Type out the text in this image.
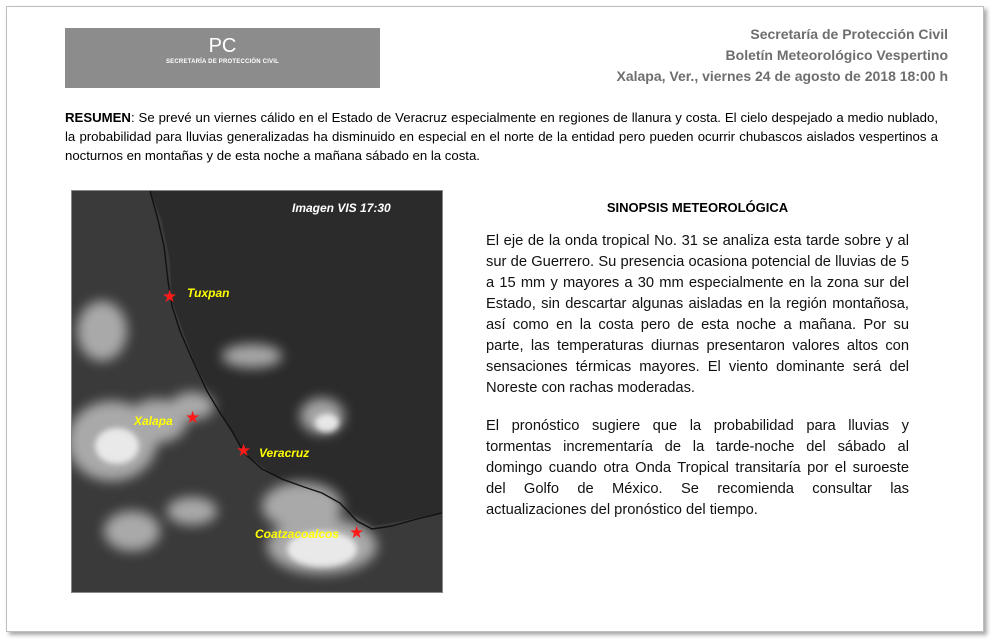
PC
SECRETARÍA DE PROTECCIÓN CIVIL
Secretaría de Protección Civil
Boletín Meteorológico Vespertino
Xalapa, Ver., viernes 24 de agosto de 2018 18:00 h
RESUMEN: Se prevé un viernes cálido en el Estado de Veracruz especialmente en regiones de llanura y costa. El cielo despejado a medio nublado, la probabilidad para lluvias generalizadas ha disminuido en especial en el norte de la entidad pero pueden ocurrir chubascos aislados vespertinos a nocturnos en montañas y de esta noche a mañana sábado en la costa.
Imagen VIS 17:30
★ Tuxpan
★
Xalapa
★ Veracruz
★
Coatzacoalcos
SINOPSIS METEOROLÓGICA

El eje de la onda tropical No. 31 se analiza esta tarde sobre y al sur de Guerrero. Su presencia ocasiona potencial de lluvias de 5 a 15 mm y mayores a 30 mm especialmente en la zona sur del Estado, sin descartar algunas aisladas en la región montañosa, así como en la costa pero de esta noche a mañana. Por su parte, las temperaturas diurnas presentaron valores altos con sensaciones térmicas mayores. El viento dominante será del Noreste con rachas moderadas.

El pronóstico sugiere que la probabilidad para lluvias y tormentas incrementaría de la tarde-noche del sábado al domingo cuando otra Onda Tropical transitaría por el suroeste del Golfo de México. Se recomienda consultar las actualizaciones del pronóstico del tiempo.
